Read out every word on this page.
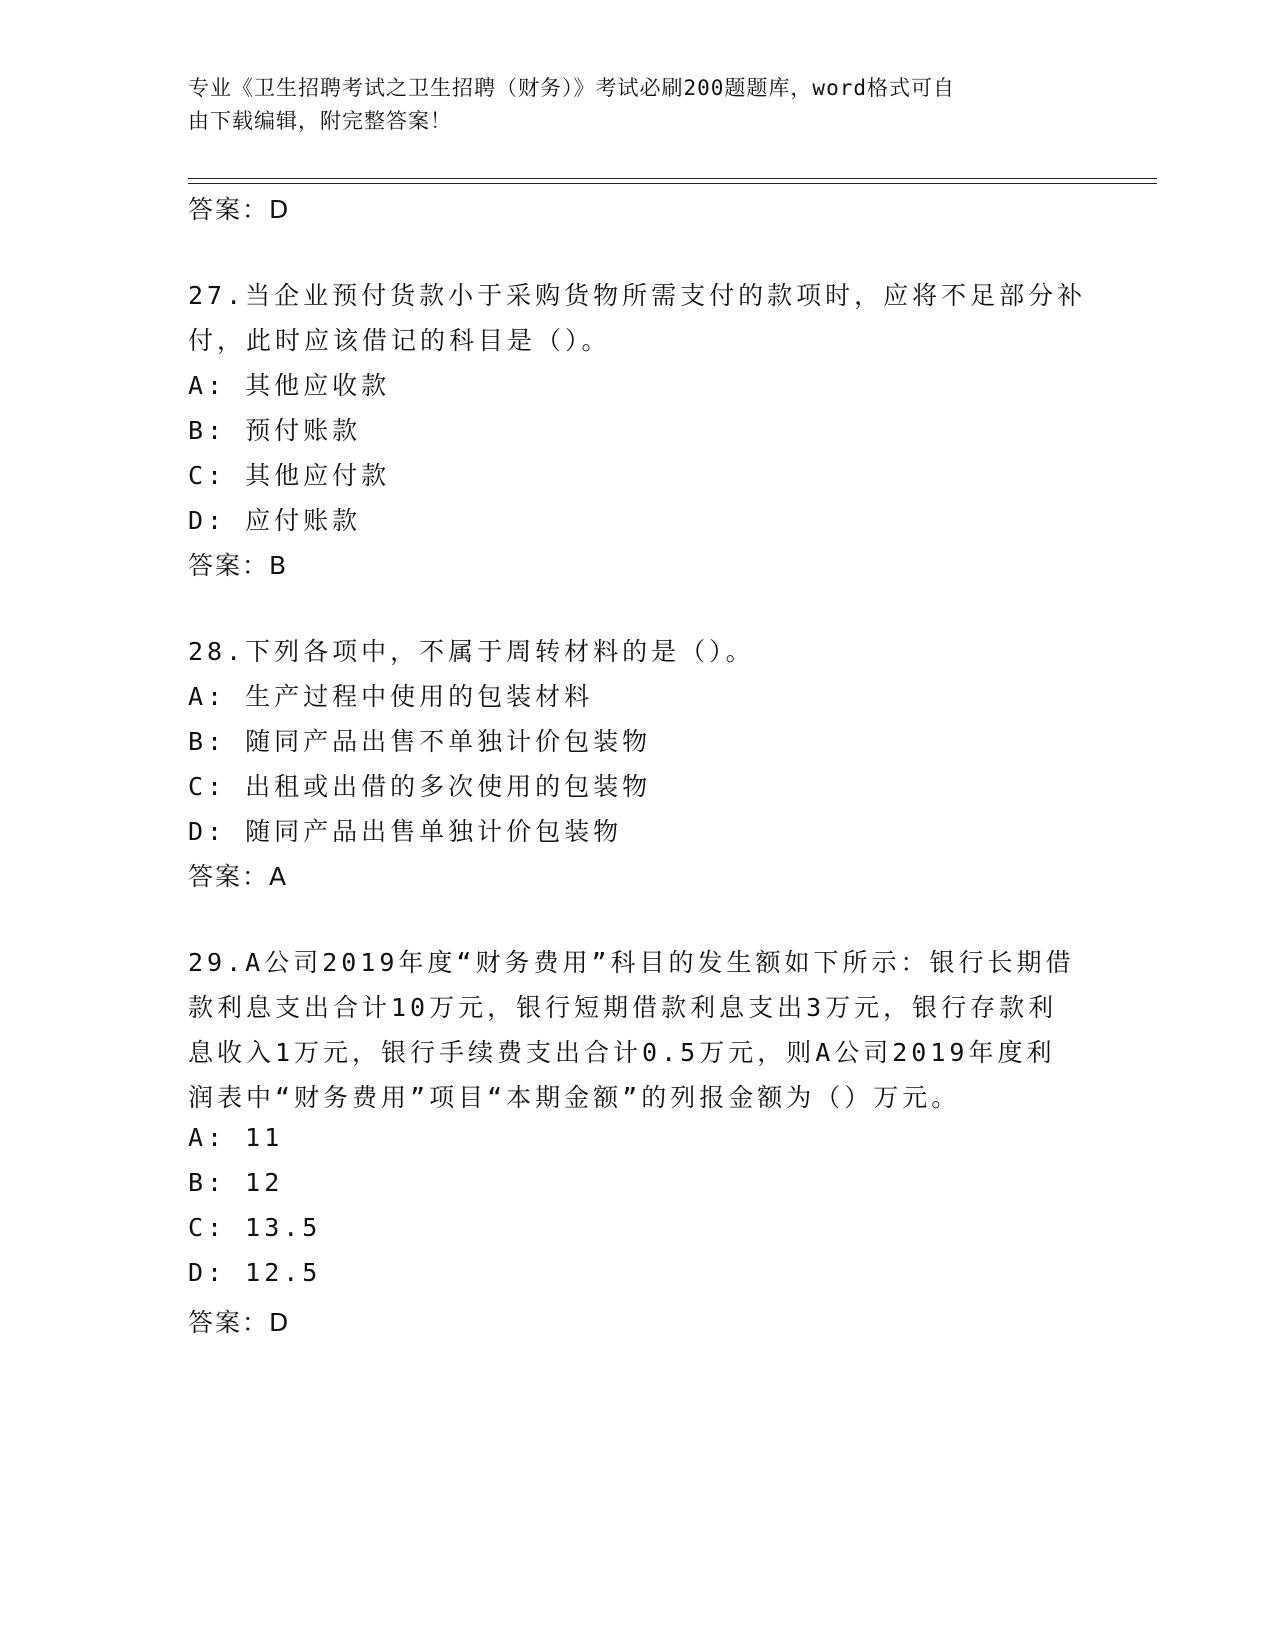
专业《卫生招聘考试之卫生招聘（财务）》考试必刷200题题库，word格式可自
由下载编辑，附完整答案！
答案：D
27.当企业预付货款小于采购货物所需支付的款项时，应将不足部分补
付，此时应该借记的科目是（）。
A: 其他应收款
B: 预付账款
C: 其他应付款
D: 应付账款
答案：B
28.下列各项中，不属于周转材料的是（）。
A: 生产过程中使用的包装材料
B: 随同产品出售不单独计价包装物
C: 出租或出借的多次使用的包装物
D: 随同产品出售单独计价包装物
答案：A
29.A公司2019年度“财务费用”科目的发生额如下所示：银行长期借
款利息支出合计10万元，银行短期借款利息支出3万元，银行存款利
息收入1万元，银行手续费支出合计0.5万元，则A公司2019年度利
润表中“财务费用”项目“本期金额”的列报金额为（）万元。
A: 11
B: 12
C: 13.5
D: 12.5
答案：D
